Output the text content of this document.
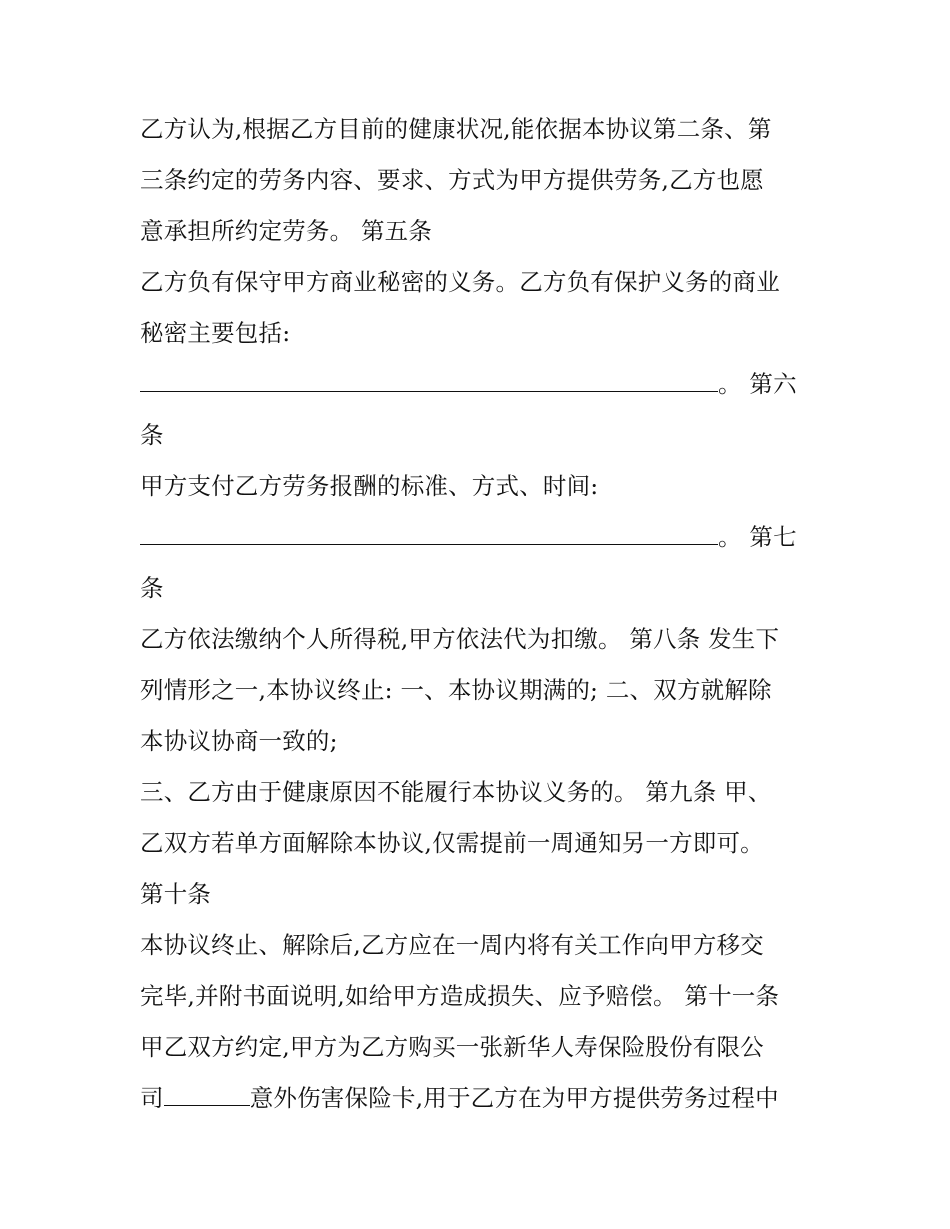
乙方认为,根据乙方目前的健康状况,能依据本协议第二条、第
三条约定的劳务内容、要求、方式为甲方提供劳务,乙方也愿
意承担所约定劳务。 第五条
乙方负有保守甲方商业秘密的义务。乙方负有保护义务的商业
秘密主要包括:
。 第六
条
甲方支付乙方劳务报酬的标准、方式、时间:
。 第七
条
乙方依法缴纳个人所得税,甲方依法代为扣缴。 第八条 发生下
列情形之一,本协议终止: 一、本协议期满的; 二、双方就解除
本协议协商一致的;
三、乙方由于健康原因不能履行本协议义务的。 第九条 甲、
乙双方若单方面解除本协议,仅需提前一周通知另一方即可。
第十条
本协议终止、解除后,乙方应在一周内将有关工作向甲方移交
完毕,并附书面说明,如给甲方造成损失、应予赔偿。 第十一条
甲乙双方约定,甲方为乙方购买一张新华人寿保险股份有限公
司	意外伤害保险卡,用于乙方在为甲方提供劳务过程中
